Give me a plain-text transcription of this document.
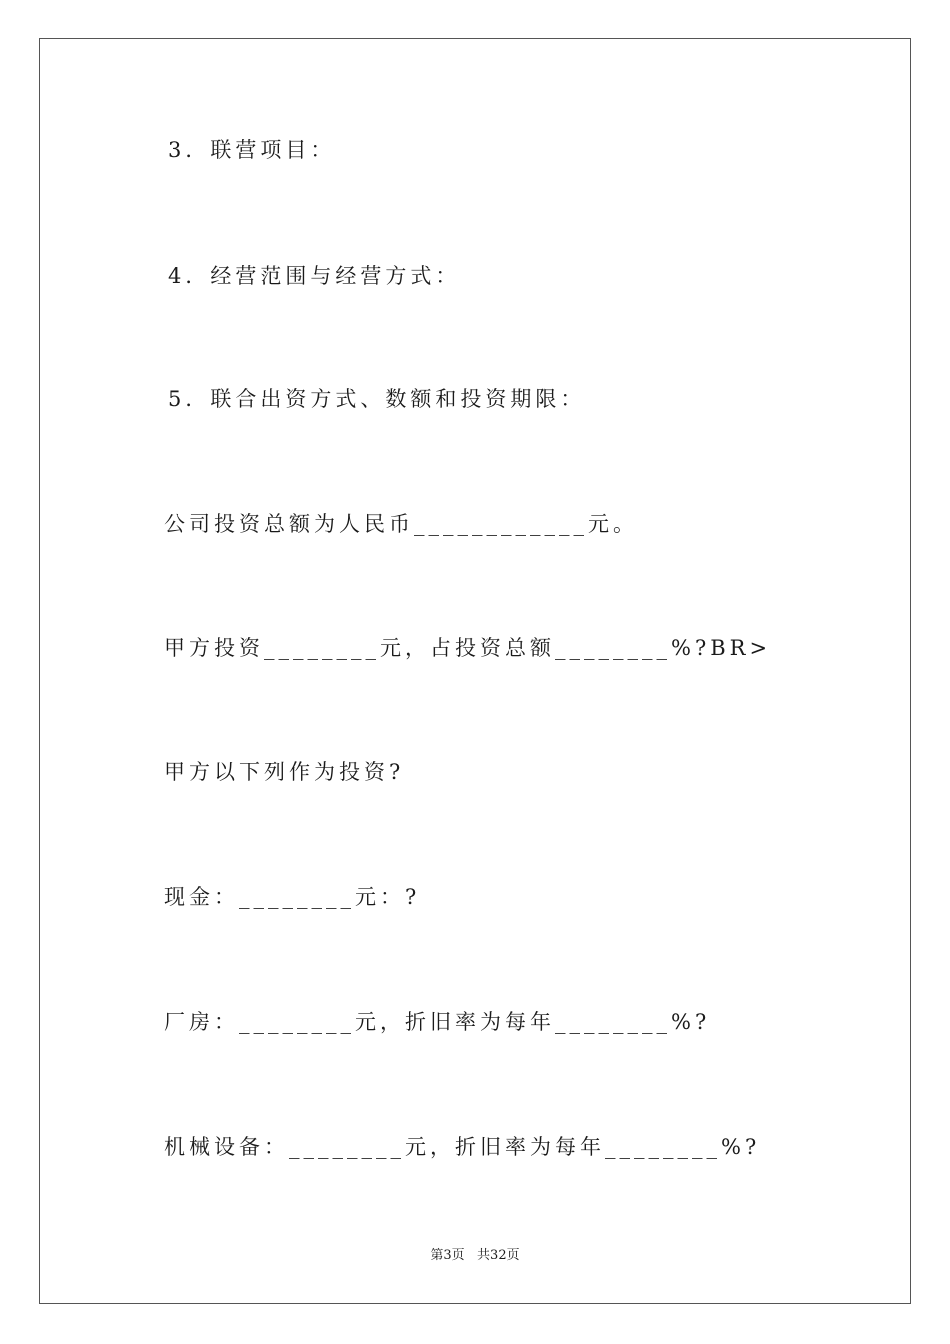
3．联营项目：
4．经营范围与经营方式：
5．联合出资方式、数额和投资期限：
公司投资总额为人民币____________元。
甲方投资________元，占投资总额________%?BR>
甲方以下列作为投资?
现金：________元：?
厂房：________元，折旧率为每年________%?
机械设备：________元，折旧率为每年________%?
第3页   共32页
